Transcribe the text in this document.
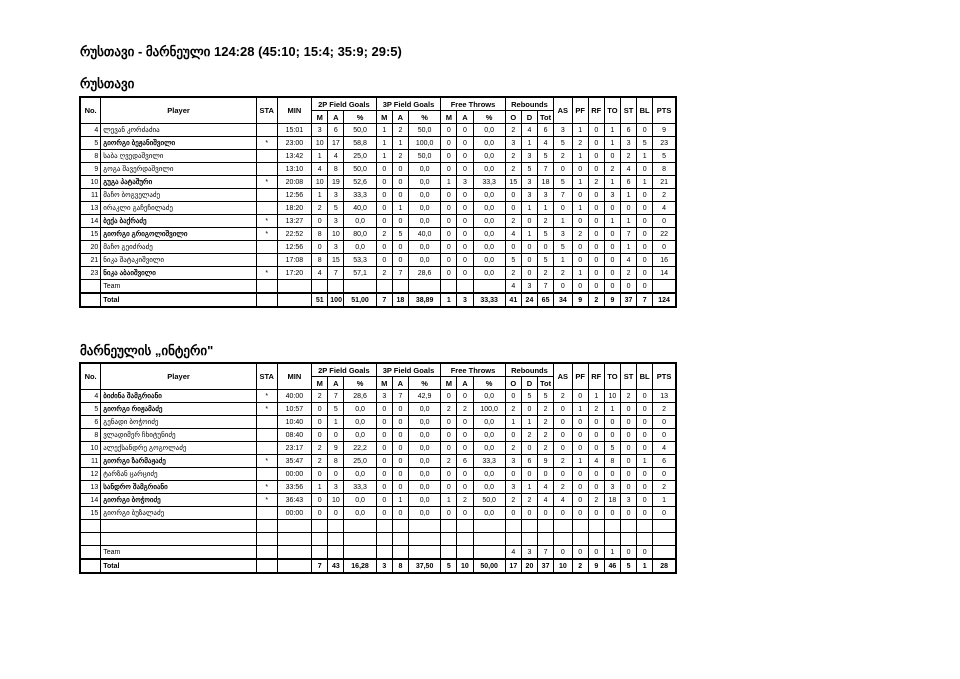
რუსთავი - მარნეული 124:28 (45:10; 15:4; 35:9; 29:5)
რუსთავი
No.	Player	STA	MIN	2P Field Goals			3P Field Goals			Free Throws			Rebounds			AS	PF	RF	TO	ST	BL	PTS
				M	A	%	M	A	%	M	A	%	O	D	Tot							
4	ლევან კორძაძია		15:01	3	6	50,0	1	2	50,0	0	0	0,0	2	4	6	3	1	0	1	6	0	9
5	გიორგი ბეჟანიშვილი	*	23:00	10	17	58,8	1	1	100,0	0	0	0,0	3	1	4	5	2	0	1	3	5	23
8	საბა ღვედაშვილი		13:42	1	4	25,0	1	2	50,0	0	0	0,0	2	3	5	2	1	0	0	2	1	5
9	გოგა შავერდაშვილი		13:10	4	8	50,0	0	0	0,0	0	0	0,0	2	5	7	0	0	0	2	4	0	8
10	გუგა პატაშური	*	20:08	10	19	52,6	0	0	0,0	1	3	33,3	15	3	18	5	1	2	1	6	1	21
11	მაჩო ბოგველაძე		12:56	1	3	33,3	0	0	0,0	0	0	0,0	0	3	3	7	0	0	3	1	0	2
13	ირაკლი გაჩეჩილაძე		18:20	2	5	40,0	0	1	0,0	0	0	0,0	0	1	1	0	1	0	0	0	0	4
14	ბექა ბაქრაძე	*	13:27	0	3	0,0	0	0	0,0	0	0	0,0	2	0	2	1	0	0	1	1	0	0
15	გიორგი გრიგოლიშვილი	*	22:52	8	10	80,0	2	5	40,0	0	0	0,0	4	1	5	3	2	0	0	7	0	22
20	მაჩო გეიძრაძე		12:56	0	3	0,0	0	0	0,0	0	0	0,0	0	0	0	5	0	0	0	1	0	0
21	ნიკა შატაკიშვილი		17:08	8	15	53,3	0	0	0,0	0	0	0,0	5	0	5	1	0	0	0	4	0	16
23	ნიკა აბაიშვილი	*	17:20	4	7	57,1	2	7	28,6	0	0	0,0	2	0	2	2	1	0	0	2	0	14
	Team												4	3	7	0	0	0	0	0	0	
	Total			51	100	51,00	7	18	38,89	1	3	33,33	41	24	65	34	9	2	9	37	7	124
მარნეულის „ინტერი"
No.	Player	STA	MIN	2P Field Goals			3P Field Goals			Free Throws			Rebounds			AS	PF	RF	TO	ST	BL	PTS
				M	A	%	M	A	%	M	A	%	O	D	Tot							
4	ბიძინა შამგრიანი	*	40:00	2	7	28,6	3	7	42,9	0	0	0,0	0	5	5	2	0	1	10	2	0	13
5	გიორგი რიჟამაძე	*	10:57	0	5	0,0	0	0	0,0	2	2	100,0	2	0	2	0	1	2	1	0	0	2
6	გენადი ბოჭოიძე		10:40	0	1	0,0	0	0	0,0	0	0	0,0	1	1	2	0	0	0	0	0	0	0
8	ვლადიმერ ჩხიტუნიძე		08:40	0	0	0,0	0	0	0,0	0	0	0,0	0	2	2	0	0	0	0	0	0	0
10	ალექსანდრე გოგოლაძე		23:17	2	9	22,2	0	0	0,0	0	0	0,0	2	0	2	0	0	0	5	0	0	4
11	გიორგი ზარმაჟაძე	*	35:47	2	8	25,0	0	0	0,0	2	6	33,3	3	6	9	2	1	4	8	0	1	6
12	ტარზან ცარციძე		00:00	0	0	0,0	0	0	0,0	0	0	0,0	0	0	0	0	0	0	0	0	0	0
13	სანდრო შამგრიანი	*	33:56	1	3	33,3	0	0	0,0	0	0	0,0	3	1	4	2	0	0	3	0	0	2
14	გიორგი ბოჭოიძე	*	36:43	0	10	0,0	0	1	0,0	1	2	50,0	2	2	4	4	0	2	18	3	0	1
15	გიორგი ბუზალაძე		00:00	0	0	0,0	0	0	0,0	0	0	0,0	0	0	0	0	0	0	0	0	0	0

	Team												4	3	7	0	0	0	1	0	0	
	Total			7	43	16,28	3	8	37,50	5	10	50,00	17	20	37	10	2	9	46	5	1	28
